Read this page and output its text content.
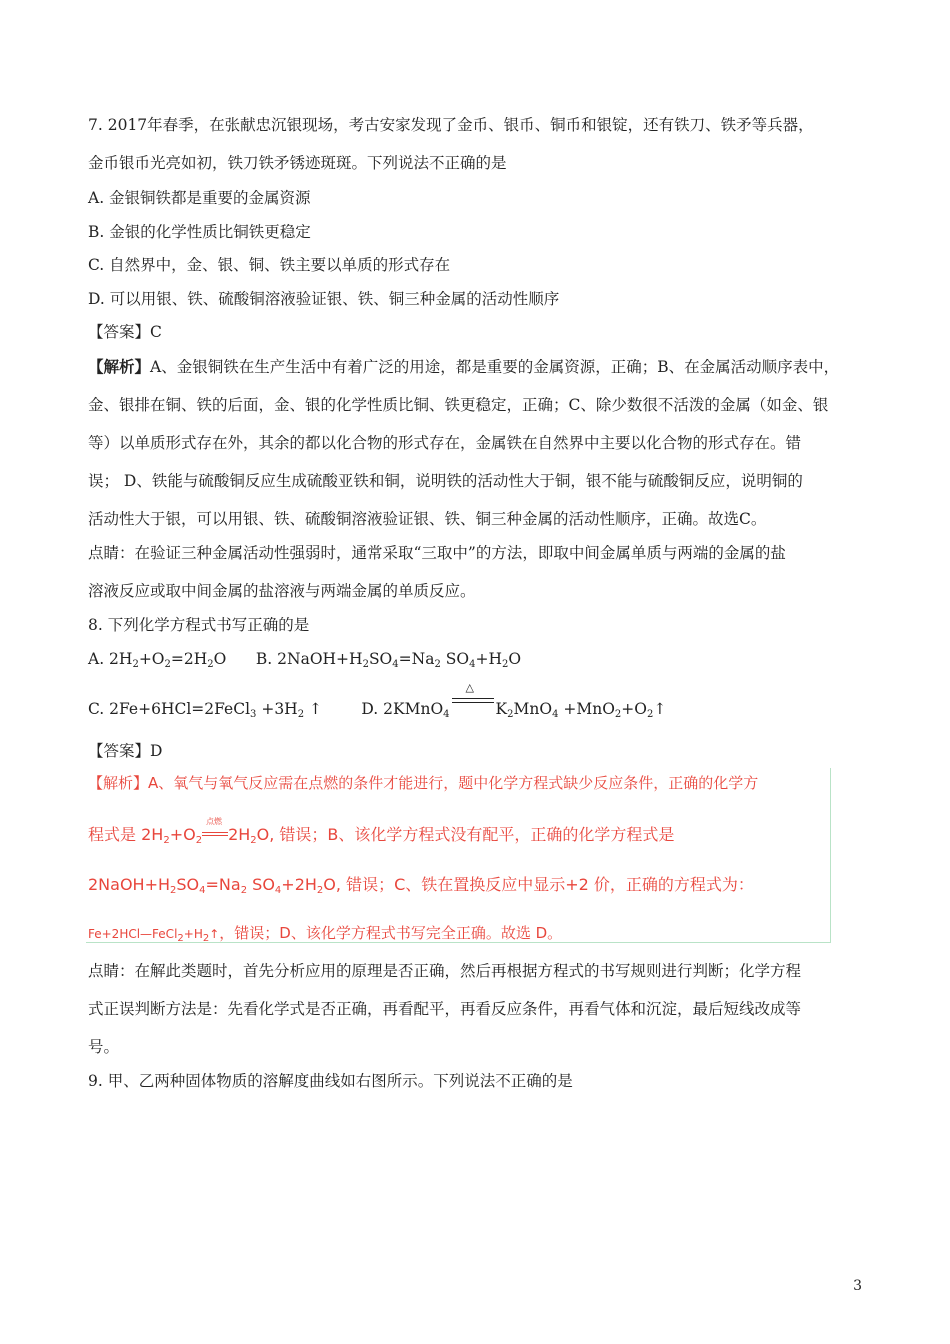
7. 2017年春季，在张献忠沉银现场，考古安家发现了金币、银币、铜币和银锭，还有铁刀、铁矛等兵器，
金币银币光亮如初，铁刀铁矛锈迹斑斑。下列说法不正确的是
A. 金银铜铁都是重要的金属资源
B. 金银的化学性质比铜铁更稳定
C. 自然界中，金、银、铜、铁主要以单质的形式存在
D. 可以用银、铁、硫酸铜溶液验证银、铁、铜三种金属的活动性顺序
【答案】C
【解析】A、金银铜铁在生产生活中有着广泛的用途，都是重要的金属资源，正确；B、在金属活动顺序表中，
金、银排在铜、铁的后面，金、银的化学性质比铜、铁更稳定，正确；C、除少数很不活泼的金属（如金、银
等）以单质形式存在外，其余的都以化合物的形式存在，金属铁在自然界中主要以化合物的形式存在。错
误； D、铁能与硫酸铜反应生成硫酸亚铁和铜，说明铁的活动性大于铜，银不能与硫酸铜反应，说明铜的
活动性大于银，可以用银、铁、硫酸铜溶液验证银、铁、铜三种金属的活动性顺序，正确。故选C。
点睛：在验证三种金属活动性强弱时，通常采取“三取中”的方法，即取中间金属单质与两端的金属的盐
溶液反应或取中间金属的盐溶液与两端金属的单质反应。
8. 下列化学方程式书写正确的是
A. $2H_2+O_2=2H_2O$ B. $2NaOH+H_2SO_4=Na_2$ $SO_4+H_2O$
C. 2Fe+6HCl=2FeCl$_3$ $+3H_2$ ↑	D. 2KMnO$_4$
△
$K_2MnO_4$ $+MnO_2+O_2↑$
【答案】D
【解析】A、氧气与氧气反应需在点燃的条件才能进行，题中化学方程式缺少反应条件，正确的化学方
程式是 $2H_2+O_2$
点燃
$2H_2O$, 错误；B、该化学方程式没有配平，正确的化学方程式是
$2NaOH+H_2SO_4=Na_2$ $SO_4+2H_2O$, 错误；C、铁在置换反应中显示+2 价，正确的方程式为：
$Fe+2HCl—FeCl_2+H_2↑$，错误；D、该化学方程式书写完全正确。故选 D。
点睛：在解此类题时，首先分析应用的原理是否正确，然后再根据方程式的书写规则进行判断；化学方程
式正误判断方法是：先看化学式是否正确，再看配平，再看反应条件，再看气体和沉淀，最后短线改成等
号。
9. 甲、乙两种固体物质的溶解度曲线如右图所示。下列说法不正确的是
3
